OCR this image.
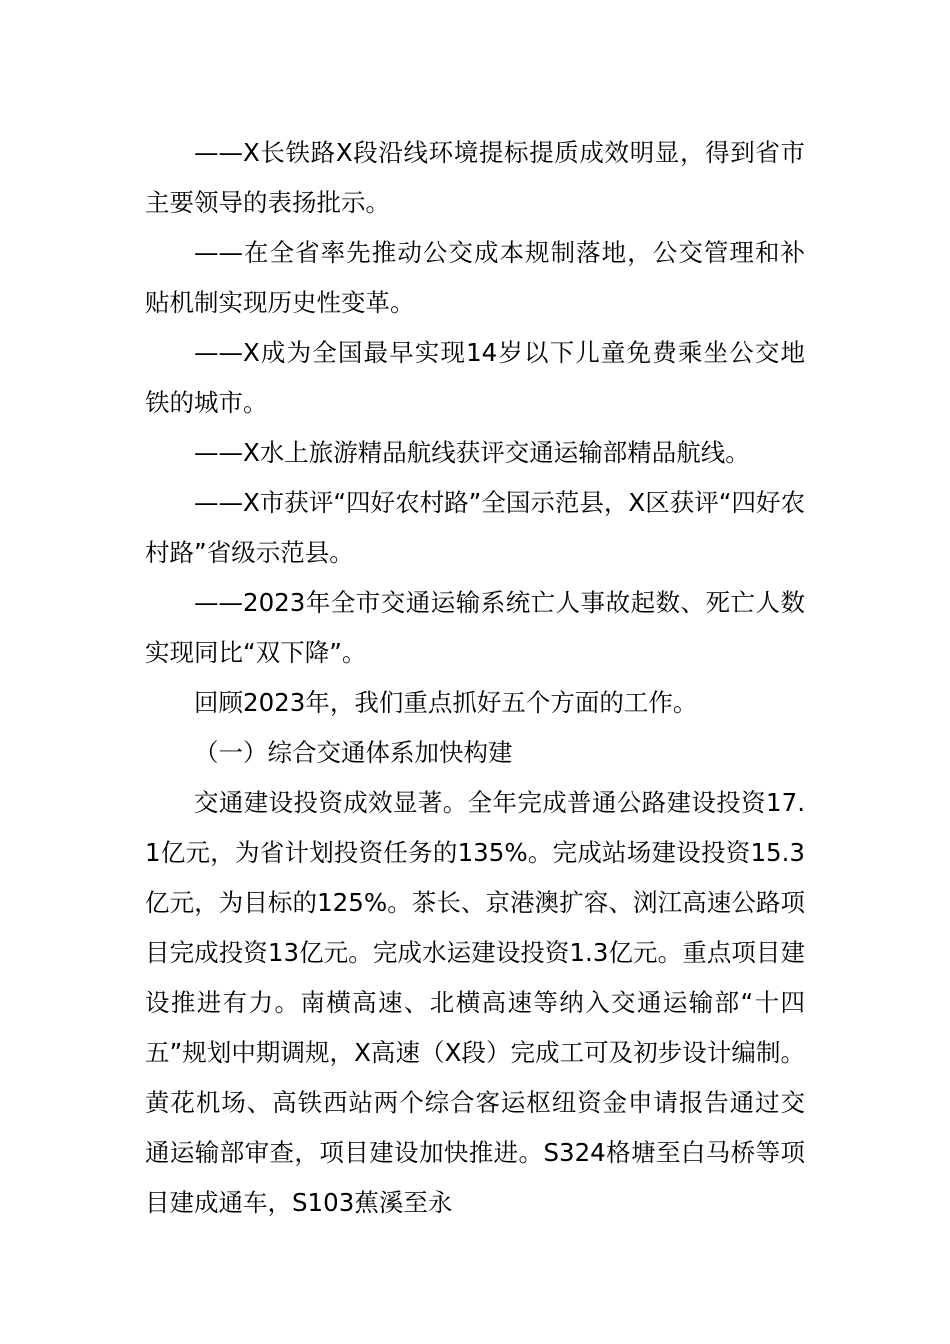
——X长铁路X段沿线环境提标提质成效明显，得到省市主要领导的表扬批示。

——在全省率先推动公交成本规制落地，公交管理和补贴机制实现历史性变革。

——X成为全国最早实现14岁以下儿童免费乘坐公交地铁的城市。

——X水上旅游精品航线获评交通运输部精品航线。

——X市获评“四好农村路”全国示范县，X区获评“四好农村路”省级示范县。

——2023年全市交通运输系统亡人事故起数、死亡人数实现同比“双下降”。

回顾2023年，我们重点抓好五个方面的工作。

（一）综合交通体系加快构建

交通建设投资成效显著。全年完成普通公路建设投资17.1亿元，为省计划投资任务的135%。完成站场建设投资15.3亿元，为目标的125%。茶长、京港澳扩容、浏江高速公路项目完成投资13亿元。完成水运建设投资1.3亿元。重点项目建设推进有力。南横高速、北横高速等纳入交通运输部“十四五”规划中期调规，X高速（X段）完成工可及初步设计编制。黄花机场、高铁西站两个综合客运枢纽资金申请报告通过交通运输部审查，项目建设加快推进。S324格塘至白马桥等项目建成通车，S103蕉溪至永
